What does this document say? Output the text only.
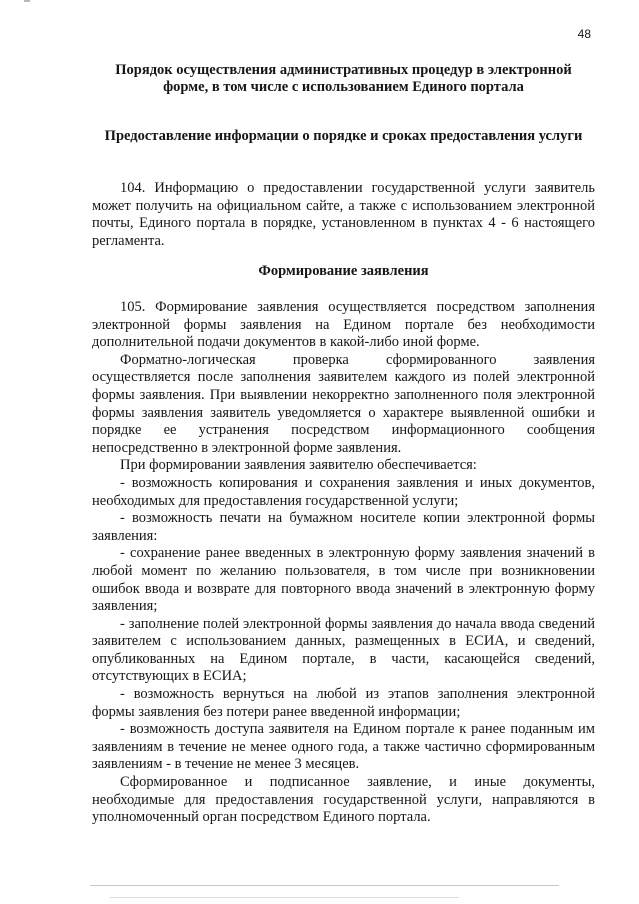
48
Порядок осуществления административных процедур в электронной форме, в том числе с использованием Единого портала
Предоставление информации о порядке и сроках предоставления услуги

104. Информацию о предоставлении государственной услуги заявитель может получить на официальном сайте, а также с использованием электронной почты, Единого портала в порядке, установленном в пунктах 4 - 6 настоящего регламента.

Формирование заявления
105. Формирование заявления осуществляется посредством заполнения электронной формы заявления на Едином портале без необходимости дополнительной подачи документов в какой-либо иной форме.
Форматно-логическая проверка сформированного заявления осуществляется после заполнения заявителем каждого из полей электронной формы заявления. При выявлении некорректно заполненного поля электронной формы заявления заявитель уведомляется о характере выявленной ошибки и порядке ее устранения посредством информационного сообщения непосредственно в электронной форме заявления.
При формировании заявления заявителю обеспечивается:
- возможность копирования и сохранения заявления и иных документов, необходимых для предоставления государственной услуги;
- возможность печати на бумажном носителе копии электронной формы заявления:
- сохранение ранее введенных в электронную форму заявления значений в любой момент по желанию пользователя, в том числе при возникновении ошибок ввода и возврате для повторного ввода значений в электронную форму заявления;
- заполнение полей электронной формы заявления до начала ввода сведений заявителем с использованием данных, размещенных в ЕСИА, и сведений, опубликованных на Едином портале, в части, касающейся сведений, отсутствующих в ЕСИА;
- возможность вернуться на любой из этапов заполнения электронной формы заявления без потери ранее введенной информации;
- возможность доступа заявителя на Едином портале к ранее поданным им заявлениям в течение не менее одного года, а также частично сформированным заявлениям - в течение не менее 3 месяцев.
Сформированное и подписанное заявление, и иные документы, необходимые для предоставления государственной услуги, направляются в уполномоченный орган посредством Единого портала.
